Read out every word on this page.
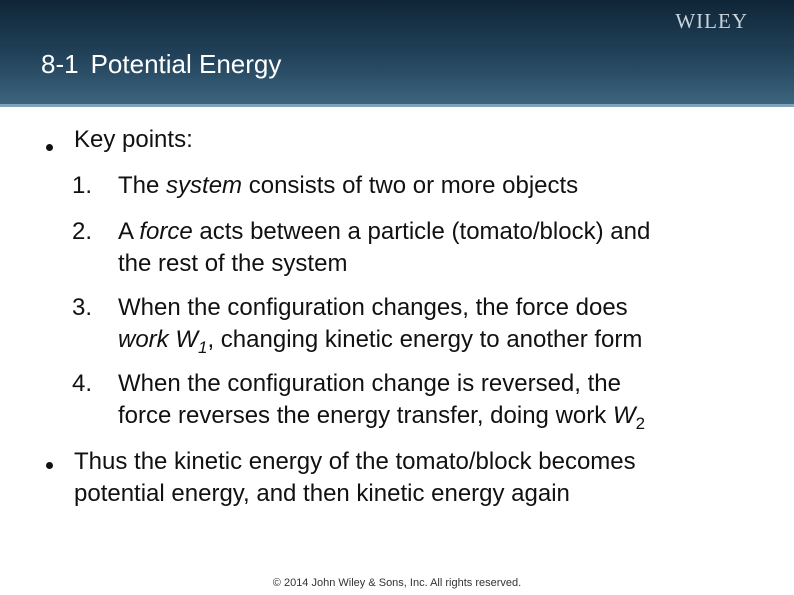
WILEY
8-1 Potential Energy
Key points:
1. The system consists of two or more objects
2. A force acts between a particle (tomato/block) and
the rest of the system
3. When the configuration changes, the force does
work $W_1$, changing kinetic energy to another form
4. When the configuration change is reversed, the
force reverses the energy transfer, doing work $W_2$
Thus the kinetic energy of the tomato/block becomes
potential energy, and then kinetic energy again
© 2014 John Wiley & Sons, Inc. All rights reserved.
